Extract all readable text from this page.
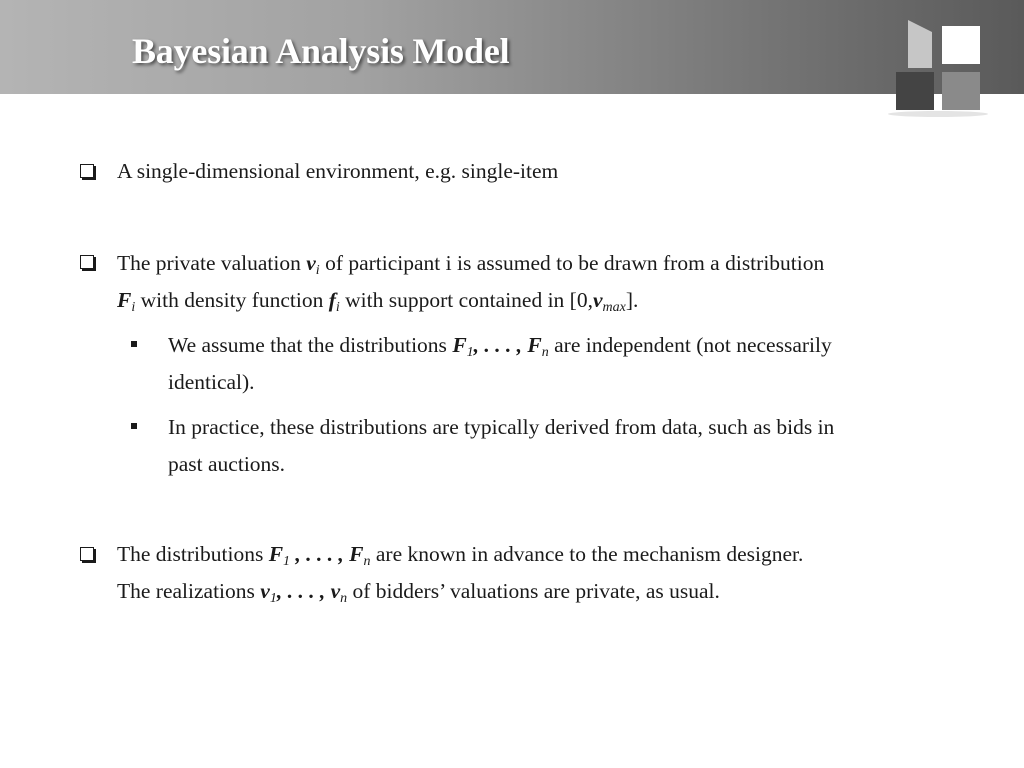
Bayesian Analysis Model
A single-dimensional environment, e.g. single-item
The private valuation $v_i$ of participant i is assumed to be drawn from a distribution
$F_i$ with density function $f_i$ with support contained in $[0,v_{max}]$.
We assume that the distributions $F_1$, . . . , $F_n$ are independent (not necessarily
identical).
In practice, these distributions are typically derived from data, such as bids in
past auctions.
The distributions $F_1$ , . . . , $F_n$ are known in advance to the mechanism designer.
The realizations $v_1$, . . . , $v_n$ of bidders’ valuations are private, as usual.
